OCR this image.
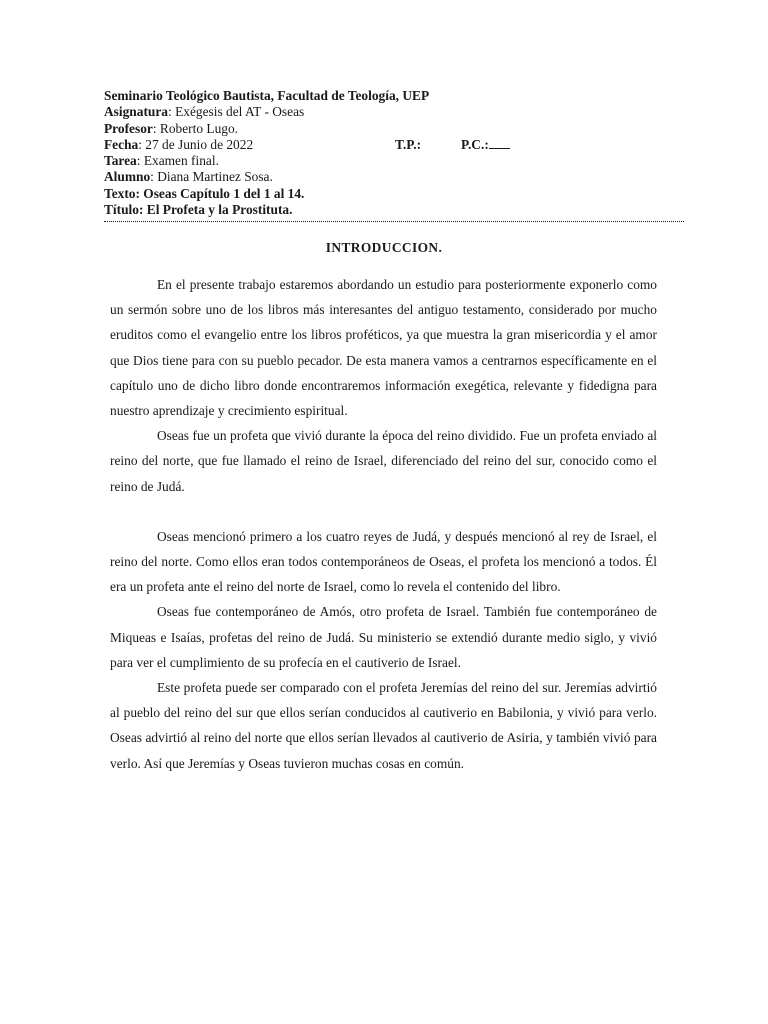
Seminario Teológico Bautista, Facultad de Teología, UEP
Asignatura: Exégesis del AT - Oseas
Profesor: Roberto Lugo.
Fecha: 27 de Junio de 2022	T.P.:	P.C.:
Tarea: Examen final.
Alumno: Diana Martinez Sosa.
Texto: Oseas Capítulo 1 del 1 al 14.
Título: El Profeta y la Prostituta.
INTRODUCCION.

En el presente trabajo estaremos abordando un estudio para posteriormente exponerlo como un sermón sobre uno de los libros más interesantes del antiguo testamento, considerado por mucho eruditos como el evangelio entre los libros proféticos, ya que muestra la gran misericordia y el amor que Dios tiene para con su pueblo pecador. De esta manera vamos a centrarnos específicamente en el capítulo uno de dicho libro donde encontraremos información exegética, relevante y fidedigna para nuestro aprendizaje y crecimiento espiritual.

Oseas fue un profeta que vivió durante la época del reino dividido. Fue un profeta enviado al reino del norte, que fue llamado el reino de Israel, diferenciado del reino del sur, conocido como el reino de Judá.

Oseas mencionó primero a los cuatro reyes de Judá, y después mencionó al rey de Israel, el reino del norte. Como ellos eran todos contemporáneos de Oseas, el profeta los mencionó a todos. Él era un profeta ante el reino del norte de Israel, como lo revela el contenido del libro.

Oseas fue contemporáneo de Amós, otro profeta de Israel. También fue contemporáneo de Miqueas e Isaías, profetas del reino de Judá. Su ministerio se extendió durante medio siglo, y vivió para ver el cumplimiento de su profecía en el cautiverio de Israel.

Este profeta puede ser comparado con el profeta Jeremías del reino del sur. Jeremías advirtió al pueblo del reino del sur que ellos serían conducidos al cautiverio en Babilonia, y vivió para verlo. Oseas advirtió al reino del norte que ellos serían llevados al cautiverio de Asiria, y también vivió para verlo. Así que Jeremías y Oseas tuvieron muchas cosas en común.
